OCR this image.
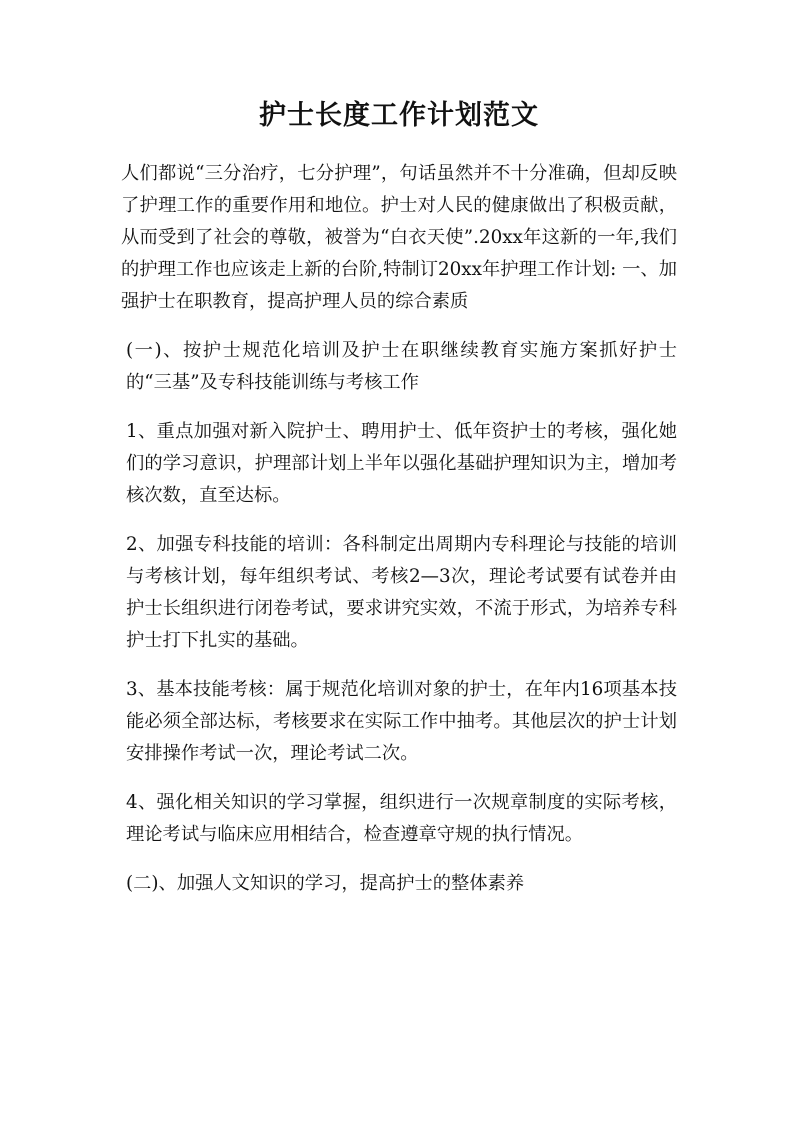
护士长度工作计划范文

人们都说“三分治疗，七分护理”，句话虽然并不十分准确，但却反映了护理工作的重要作用和地位。护士对人民的健康做出了积极贡献，从而受到了社会的尊敬，被誉为“白衣天使”.20xx年这新的一年,我们的护理工作也应该走上新的台阶,特制订20xx年护理工作计划: 一、加强护士在职教育，提高护理人员的综合素质

(一)、按护士规范化培训及护士在职继续教育实施方案抓好护士的“三基”及专科技能训练与考核工作

1、重点加强对新入院护士、聘用护士、低年资护士的考核，强化她们的学习意识，护理部计划上半年以强化基础护理知识为主，增加考核次数，直至达标。

2、加强专科技能的培训：各科制定出周期内专科理论与技能的培训与考核计划，每年组织考试、考核2—3次，理论考试要有试卷并由护士长组织进行闭卷考试，要求讲究实效，不流于形式，为培养专科护士打下扎实的基础。

3、基本技能考核：属于规范化培训对象的护士，在年内16项基本技能必须全部达标，考核要求在实际工作中抽考。其他层次的护士计划安排操作考试一次，理论考试二次。

4、强化相关知识的学习掌握，组织进行一次规章制度的实际考核，理论考试与临床应用相结合，检查遵章守规的执行情况。

(二)、加强人文知识的学习，提高护士的整体素养
